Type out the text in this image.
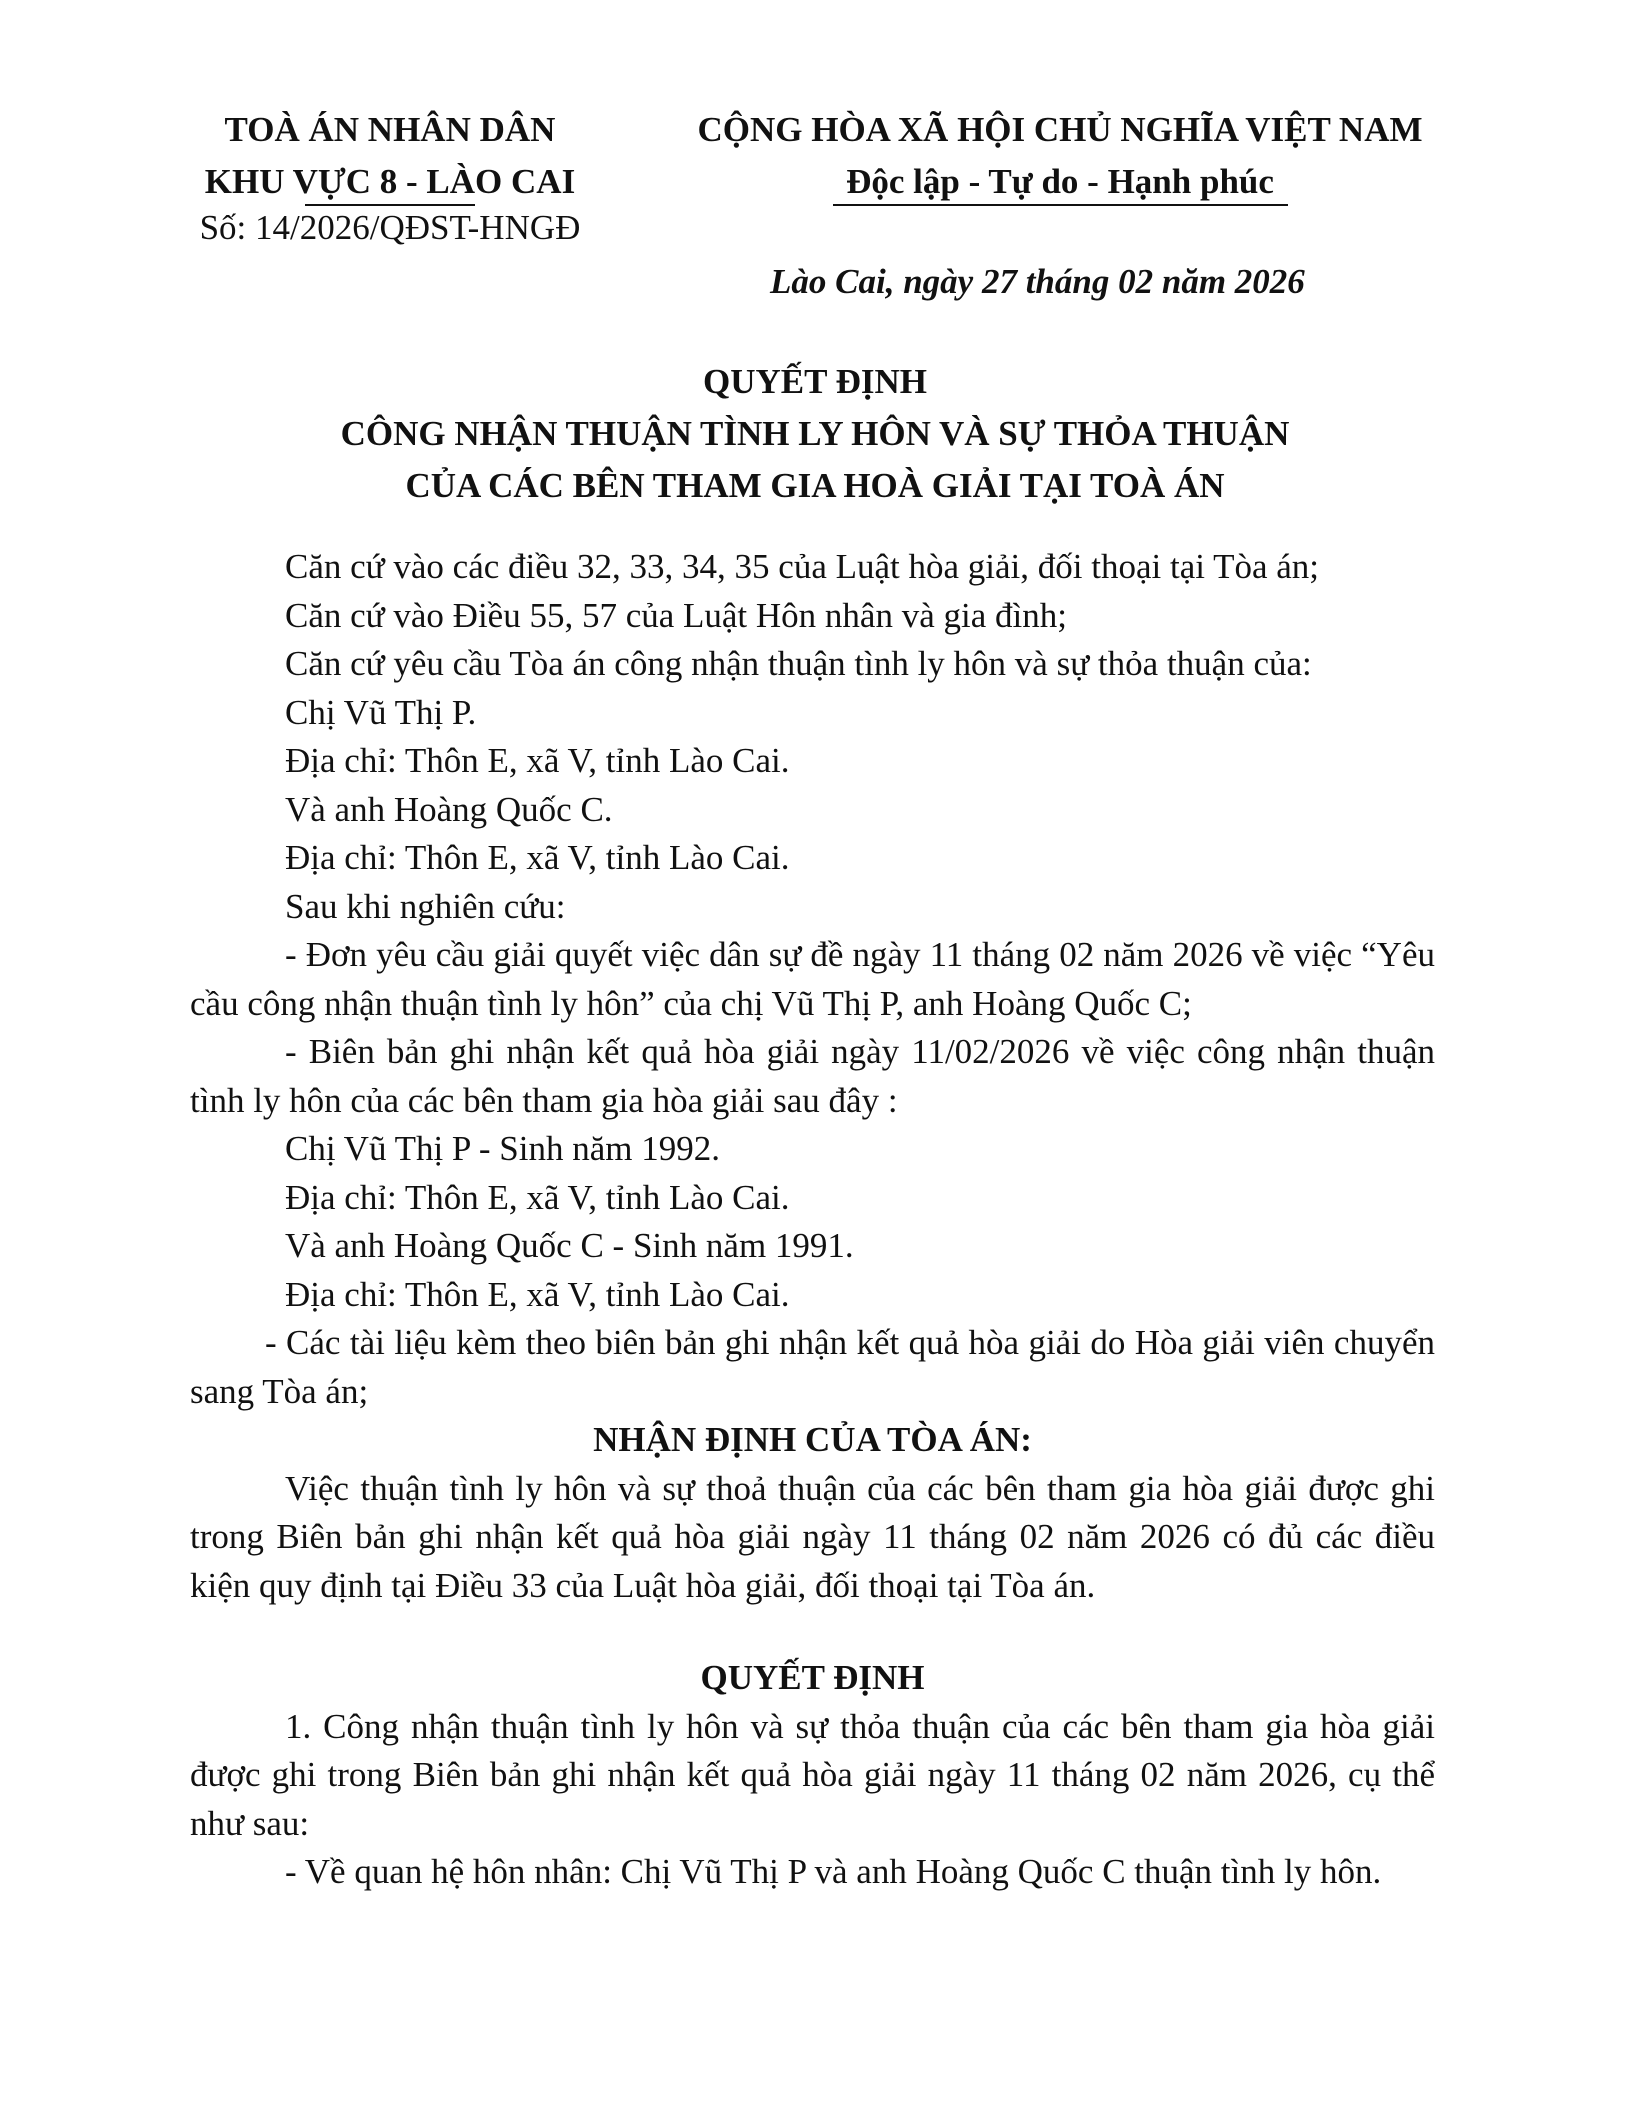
TOÀ ÁN NHÂN DÂN
KHU VỰC 8 - LÀO CAI
Số: 14/2026/QĐST-HNGĐ
CỘNG HÒA XÃ HỘI CHỦ NGHĨA VIỆT NAM
Độc lập - Tự do - Hạnh phúc
Lào Cai, ngày 27 tháng 02 năm 2026
QUYẾT ĐỊNH
CÔNG NHẬN THUẬN TÌNH LY HÔN VÀ SỰ THỎA THUẬN
CỦA CÁC BÊN THAM GIA HOÀ GIẢI TẠI TOÀ ÁN

Căn cứ vào các điều 32, 33, 34, 35 của Luật hòa giải, đối thoại tại Tòa án;

Căn cứ vào Điều 55, 57 của Luật Hôn nhân và gia đình;

Căn cứ yêu cầu Tòa án công nhận thuận tình ly hôn và sự thỏa thuận của:

Chị Vũ Thị P.

Địa chỉ: Thôn E, xã V, tỉnh Lào Cai.

Và anh Hoàng Quốc C.

Địa chỉ: Thôn E, xã V, tỉnh Lào Cai.

Sau khi nghiên cứu:

- Đơn yêu cầu giải quyết việc dân sự đề ngày 11 tháng 02 năm 2026 về việc “Yêu cầu công nhận thuận tình ly hôn” của chị Vũ Thị P, anh Hoàng Quốc C;

- Biên bản ghi nhận kết quả hòa giải ngày 11/02/2026 về việc công nhận thuận tình ly hôn của các bên tham gia hòa giải sau đây :

Chị Vũ Thị P - Sinh năm 1992.

Địa chỉ: Thôn E, xã V, tỉnh Lào Cai.

Và anh Hoàng Quốc C - Sinh năm 1991.

Địa chỉ: Thôn E, xã V, tỉnh Lào Cai.

- Các tài liệu kèm theo biên bản ghi nhận kết quả hòa giải do Hòa giải viên chuyển sang Tòa án;

NHẬN ĐỊNH CỦA TÒA ÁN:

Việc thuận tình ly hôn và sự thoả thuận của các bên tham gia hòa giải được ghi trong Biên bản ghi nhận kết quả hòa giải ngày 11 tháng 02 năm 2026 có đủ các điều kiện quy định tại Điều 33 của Luật hòa giải, đối thoại tại Tòa án.

QUYẾT ĐỊNH

1. Công nhận thuận tình ly hôn và sự thỏa thuận của các bên tham gia hòa giải được ghi trong Biên bản ghi nhận kết quả hòa giải ngày 11 tháng 02 năm 2026, cụ thể như sau:

- Về quan hệ hôn nhân: Chị Vũ Thị P và anh Hoàng Quốc C thuận tình ly hôn.
